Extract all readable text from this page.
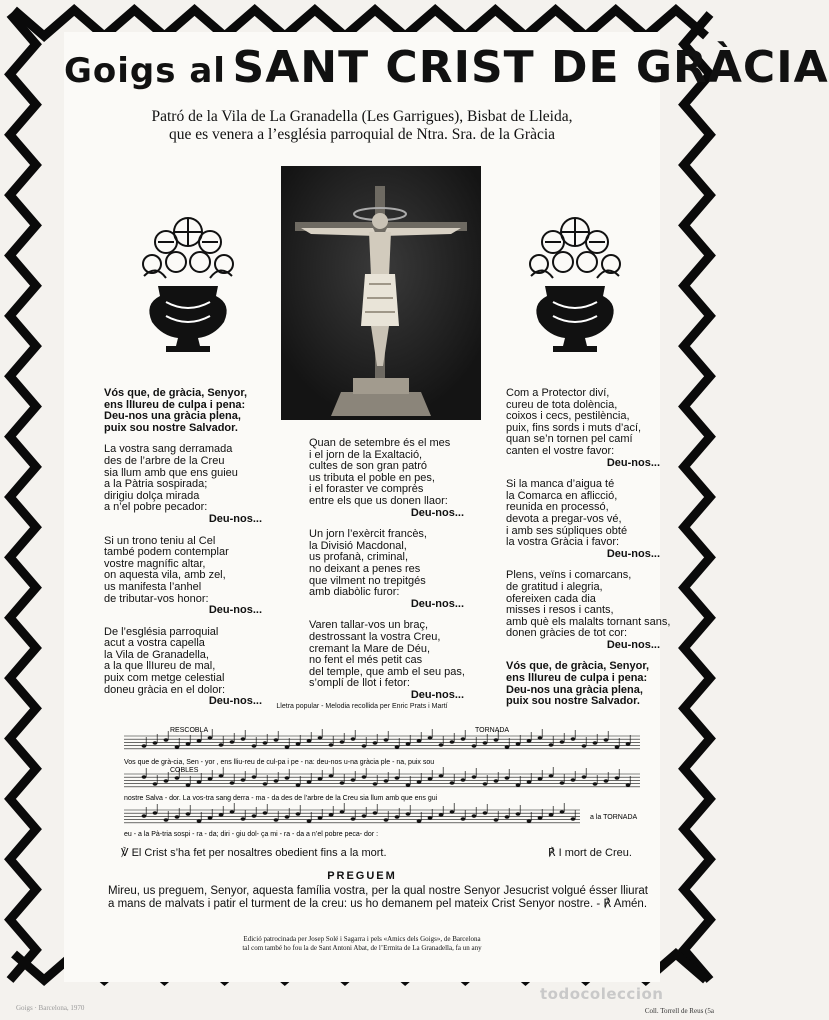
Goigs al SANT CRIST DE GRÀCIA
Patró de la Vila de La Granadella (Les Garrigues), Bisbat de Lleida,
que es venera a l’església parroquial de Ntra. Sra. de la Gràcia
Vós que, de gràcia, Senyor,
ens llIureu de culpa i pena:
Deu-nos una gràcia plena,
puix sou nostre Salvador.
La vostra sang derramada
des de l’arbre de la Creu
sia llum amb que ens guieu
a la Pàtria sospirada;
dirigiu dolça mirada
a n’el pobre pecador:
Deu-nos...
Si un trono teniu al Cel
també podem contemplar
vostre magnífic altar,
on aquesta vila, amb zel,
us manifesta l’anhel
de tributar-vos honor:
Deu-nos...
De l’església parroquial
acut a vostra capella
la Vila de Granadella,
a la que llIureu de mal,
puix com metge celestial
doneu gràcia en el dolor:
Deu-nos...
Quan de setembre és el mes
i el jorn de la Exaltació,
cultes de son gran patró
us tributa el poble en pes,
i el foraster ve comprès
entre els que us donen llaor:
Deu-nos...
Un jorn l’exèrcit francès,
la Divisió Macdonal,
us profanà, criminal,
no deixant a penes res
que vilment no trepitgés
amb diabòlic furor:
Deu-nos...
Varen tallar-vos un braç,
destrossant la vostra Creu,
cremant la Mare de Déu,
no fent el més petit cas
del temple, que amb el seu pas,
s’omplí de llot i fetor:
Deu-nos...
Com a Protector diví,
cureu de tota dolència,
coixos i cecs, pestilència,
puix, fins sords i muts d’ací,
quan se’n tornen pel camí
canten el vostre favor:
Deu-nos...
Si la manca d’aigua té
la Comarca en aflicció,
reunida en processó,
devota a pregar-vos vé,
i amb ses súpliques obté
la vostra Gràcia i favor:
Deu-nos...
Plens, veïns i comarcans,
de gratitud i alegria,
ofereixen cada dia
misses i resos i cants,
amb què els malalts tornant sans,
donen gràcies de tot cor:
Deu-nos...
Vós que, de gràcia, Senyor,
ens llIureu de culpa i pena:
Deu-nos una gràcia plena,
puix sou nostre Salvador.
Lletra popular - Melodia recollida per Enric Prats i Martí
RESCOBLA	TORNADA
COBLES
a la TORNADA
Vos que de grà-cia, Sen - yor , ens lliu-reu de cul-pa i pe - na: deu-nos u-na gràcia ple - na, puix sou
nostre Salva - dor. La vos-tra sang derra - ma - da des de l’arbre de la Creu sia llum amb que ens gui
eu - a la Pà-tria sospi - ra - da; diri - giu dol- ça mi - ra - da a n’el pobre peca- dor :
℣ El Crist s’ha fet per nosaltres obedient fins a la mort.	℟ I mort de Creu.
PREGUEM
Mireu, us preguem, Senyor, aquesta família vostra, per la qual nostre Senyor Jesucrist volgué ésser lliurat a mans de malvats i patir el turment de la creu: us ho demanem pel mateix Crist Senyor nostre. - ℟ Amén.
Edició patrocinada per Josep Solé i Sagarra i pels «Amics dels Goigs», de Barcelona
tal com també ho fou la de Sant Antoni Abat, de l’Ermita de La Granadella, fa un any
Goigs · Barcelona, 1970	Coll. Torrell de Reus (5a
todocoleccion
